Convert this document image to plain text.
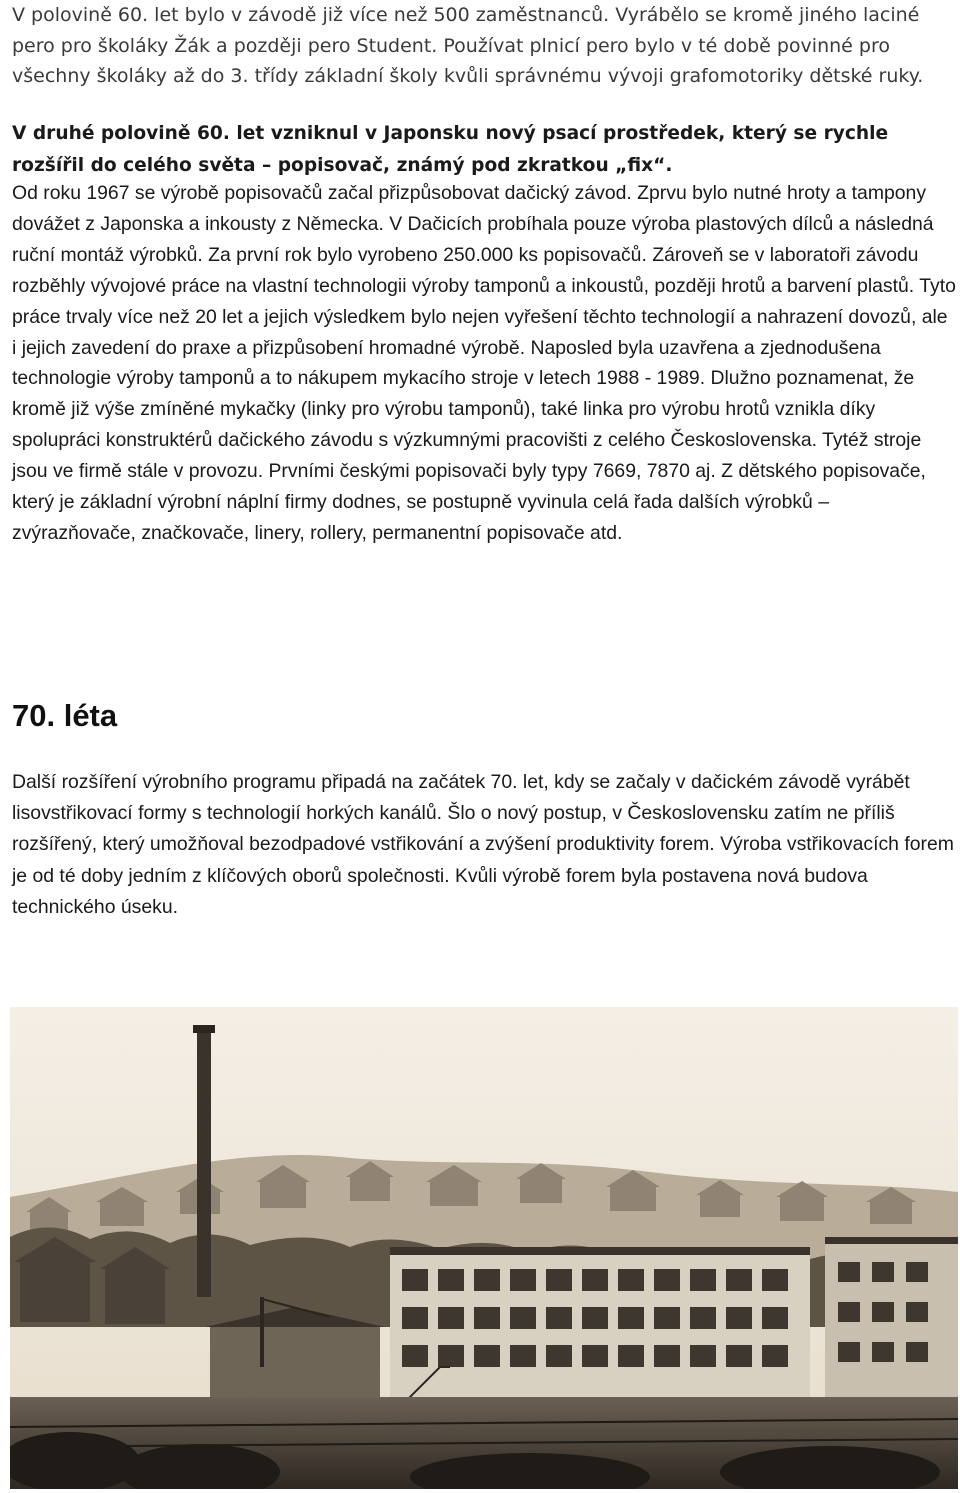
V polovině 60. let bylo v závodě již více než 500 zaměstnanců. Vyrábělo se kromě jiného laciné pero pro školáky Žák a později pero Student. Používat plnicí pero bylo v té době povinné pro všechny školáky až do 3. třídy základní školy kvůli správnému vývoji grafomotoriky dětské ruky.

V druhé polovině 60. let vzniknul v Japonsku nový psací prostředek, který se rychle rozšířil do celého světa – popisovač, známý pod zkratkou „fix“.

Od roku 1967 se výrobě popisovačů začal přizpůsobovat dačický závod. Zprvu bylo nutné hroty a tampony dovážet z Japonska a inkousty z Německa. V Dačicích probíhala pouze výroba plastových dílců a následná ruční montáž výrobků. Za první rok bylo vyrobeno 250.000 ks popisovačů. Zároveň se v laboratoři závodu rozběhly vývojové práce na vlastní technologii výroby tamponů a inkoustů, později hrotů a barvení plastů. Tyto práce trvaly více než 20 let a jejich výsledkem bylo nejen vyřešení těchto technologií a nahrazení dovozů, ale i jejich zavedení do praxe a přizpůsobení hromadné výrobě. Naposled byla uzavřena a zjednodušena technologie výroby tamponů a to nákupem mykacího stroje v letech 1988 - 1989. Dlužno poznamenat, že kromě již výše zmíněné mykačky (linky pro výrobu tamponů), také linka pro výrobu hrotů vznikla díky spolupráci konstruktérů dačického závodu s výzkumnými pracovišti z celého Československa. Tytéž stroje jsou ve firmě stále v provozu. Prvními českými popisovači byly typy 7669, 7870 aj. Z dětského popisovače, který je základní výrobní náplní firmy dodnes, se postupně vyvinula celá řada dalších výrobků – zvýrazňovače, značkovače, linery, rollery, permanentní popisovače atd.

70. léta

Další rozšíření výrobního programu připadá na začátek 70. let, kdy se začaly v dačickém závodě vyrábět lisovstřikovací formy s technologií horkých kanálů. Šlo o nový postup, v Československu zatím ne příliš rozšířený, který umožňoval bezodpadové vstřikování a zvýšení produktivity forem. Výroba vstřikovacích forem je od té doby jedním z klíčových oborů společnosti. Kvůli výrobě forem byla postavena nová budova technického úseku.
